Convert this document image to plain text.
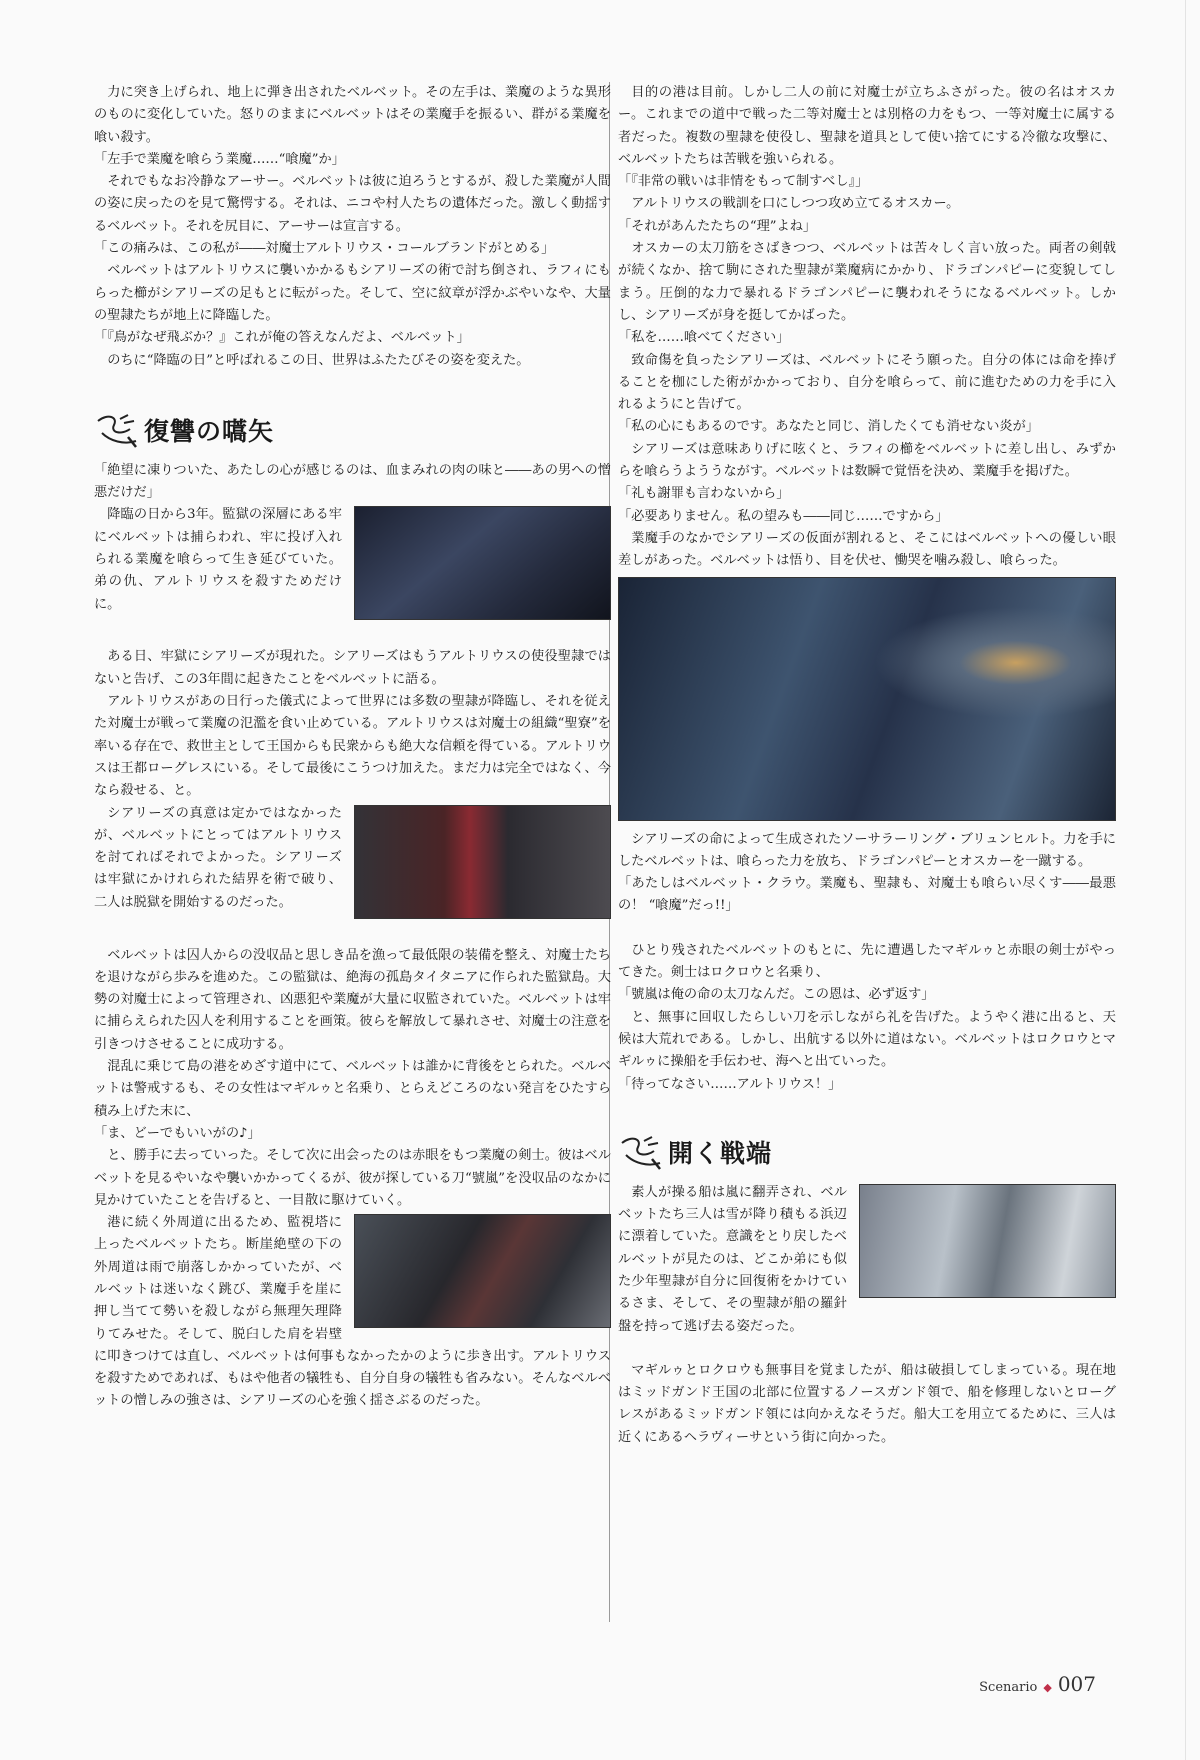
力に突き上げられ、地上に弾き出されたベルベット。その左手は、業魔のような異形のものに変化していた。怒りのままにベルベットはその業魔手を振るい、群がる業魔を喰い殺す。

「左手で業魔を喰らう業魔……“喰魔”か」

それでもなお冷静なアーサー。ベルベットは彼に迫ろうとするが、殺した業魔が人間の姿に戻ったのを見て驚愕する。それは、ニコや村人たちの遺体だった。激しく動揺するベルベット。それを尻目に、アーサーは宣言する。

「この痛みは、この私が――対魔士アルトリウス・コールブランドがとめる」

ベルベットはアルトリウスに襲いかかるもシアリーズの術で討ち倒され、ラフィにもらった櫛がシアリーズの足もとに転がった。そして、空に紋章が浮かぶやいなや、大量の聖隷たちが地上に降臨した。

「『鳥がなぜ飛ぶか？』これが俺の答えなんだよ、ベルベット」

のちに“降臨の日”と呼ばれるこの日、世界はふたたびその姿を変えた。

復讐の嚆矢

「絶望に凍りついた、あたしの心が感じるのは、血まみれの肉の味と――あの男への憎悪だけだ」

降臨の日から3年。監獄の深層にある牢にベルベットは捕らわれ、牢に投げ入れられる業魔を喰らって生き延びていた。弟の仇、アルトリウスを殺すためだけに。

ある日、牢獄にシアリーズが現れた。シアリーズはもうアルトリウスの使役聖隷ではないと告げ、この3年間に起きたことをベルベットに語る。

アルトリウスがあの日行った儀式によって世界には多数の聖隷が降臨し、それを従えた対魔士が戦って業魔の氾濫を食い止めている。アルトリウスは対魔士の組織“聖寮”を率いる存在で、救世主として王国からも民衆からも絶大な信頼を得ている。アルトリウスは王都ローグレスにいる。そして最後にこうつけ加えた。まだ力は完全ではなく、今なら殺せる、と。

シアリーズの真意は定かではなかったが、ベルベットにとってはアルトリウスを討てればそれでよかった。シアリーズは牢獄にかけれられた結界を術で破り、二人は脱獄を開始するのだった。

ベルベットは囚人からの没収品と思しき品を漁って最低限の装備を整え、対魔士たちを退けながら歩みを進めた。この監獄は、絶海の孤島タイタニアに作られた監獄島。大勢の対魔士によって管理され、凶悪犯や業魔が大量に収監されていた。ベルベットは牢に捕らえられた囚人を利用することを画策。彼らを解放して暴れさせ、対魔士の注意を引きつけさせることに成功する。

混乱に乗じて島の港をめざす道中にて、ベルベットは誰かに背後をとられた。ベルベットは警戒するも、その女性はマギルゥと名乗り、とらえどころのない発言をひたすら積み上げた末に、

「ま、どーでもいいがの♪」

と、勝手に去っていった。そして次に出会ったのは赤眼をもつ業魔の剣士。彼はベルベットを見るやいなや襲いかかってくるが、彼が探している刀“號嵐”を没収品のなかに見かけていたことを告げると、一目散に駆けていく。

港に続く外周道に出るため、監視塔に上ったベルベットたち。断崖絶壁の下の外周道は雨で崩落しかかっていたが、ベルベットは迷いなく跳び、業魔手を崖に押し当てて勢いを殺しながら無理矢理降りてみせた。そして、脱臼した肩を岩壁に叩きつけては直し、ベルベットは何事もなかったかのように歩き出す。アルトリウスを殺すためであれば、もはや他者の犠牲も、自分自身の犠牲も省みない。そんなベルベットの憎しみの強さは、シアリーズの心を強く揺さぶるのだった。

目的の港は目前。しかし二人の前に対魔士が立ちふさがった。彼の名はオスカー。これまでの道中で戦った二等対魔士とは別格の力をもつ、一等対魔士に属する者だった。複数の聖隷を使役し、聖隷を道具として使い捨てにする冷徹な攻撃に、ベルベットたちは苦戦を強いられる。

「『非常の戦いは非情をもって制すべし』」

アルトリウスの戦訓を口にしつつ攻め立てるオスカー。

「それがあんたたちの“理”よね」

オスカーの太刀筋をさばきつつ、ベルベットは苦々しく言い放った。両者の剣戟が続くなか、捨て駒にされた聖隷が業魔病にかかり、ドラゴンパピーに変貌してしまう。圧倒的な力で暴れるドラゴンパピーに襲われそうになるベルベット。しかし、シアリーズが身を挺してかばった。

「私を……喰べてください」

致命傷を負ったシアリーズは、ベルベットにそう願った。自分の体には命を捧げることを枷にした術がかかっており、自分を喰らって、前に進むための力を手に入れるようにと告げて。

「私の心にもあるのです。あなたと同じ、消したくても消せない炎が」

シアリーズは意味ありげに呟くと、ラフィの櫛をベルベットに差し出し、みずからを喰らうよううながす。ベルベットは数瞬で覚悟を決め、業魔手を掲げた。

「礼も謝罪も言わないから」

「必要ありません。私の望みも――同じ……ですから」

業魔手のなかでシアリーズの仮面が割れると、そこにはベルベットへの優しい眼差しがあった。ベルベットは悟り、目を伏せ、慟哭を噛み殺し、喰らった。

シアリーズの命によって生成されたソーサラーリング・ブリュンヒルト。力を手にしたベルベットは、喰らった力を放ち、ドラゴンパピーとオスカーを一蹴する。

「あたしはベルベット・クラウ。業魔も、聖隷も、対魔士も喰らい尽くす――最悪の！ “喰魔”だっ!!」

ひとり残されたベルベットのもとに、先に遭遇したマギルゥと赤眼の剣士がやってきた。剣士はロクロウと名乗り、

「號嵐は俺の命の太刀なんだ。この恩は、必ず返す」

と、無事に回収したらしい刀を示しながら礼を告げた。ようやく港に出ると、天候は大荒れである。しかし、出航する以外に道はない。ベルベットはロクロウとマギルゥに操船を手伝わせ、海へと出ていった。

「待ってなさい……アルトリウス！」

開く戦端

素人が操る船は嵐に翻弄され、ベルベットたち三人は雪が降り積もる浜辺に漂着していた。意識をとり戻したベルベットが見たのは、どこか弟にも似た少年聖隷が自分に回復術をかけているさま、そして、その聖隷が船の羅針盤を持って逃げ去る姿だった。

マギルゥとロクロウも無事目を覚ましたが、船は破損してしまっている。現在地はミッドガンド王国の北部に位置するノースガンド領で、船を修理しないとローグレスがあるミッドガンド領には向かえなそうだ。船大工を用立てるために、三人は近くにあるヘラヴィーサという街に向かった。

Scenario ◆ 007
